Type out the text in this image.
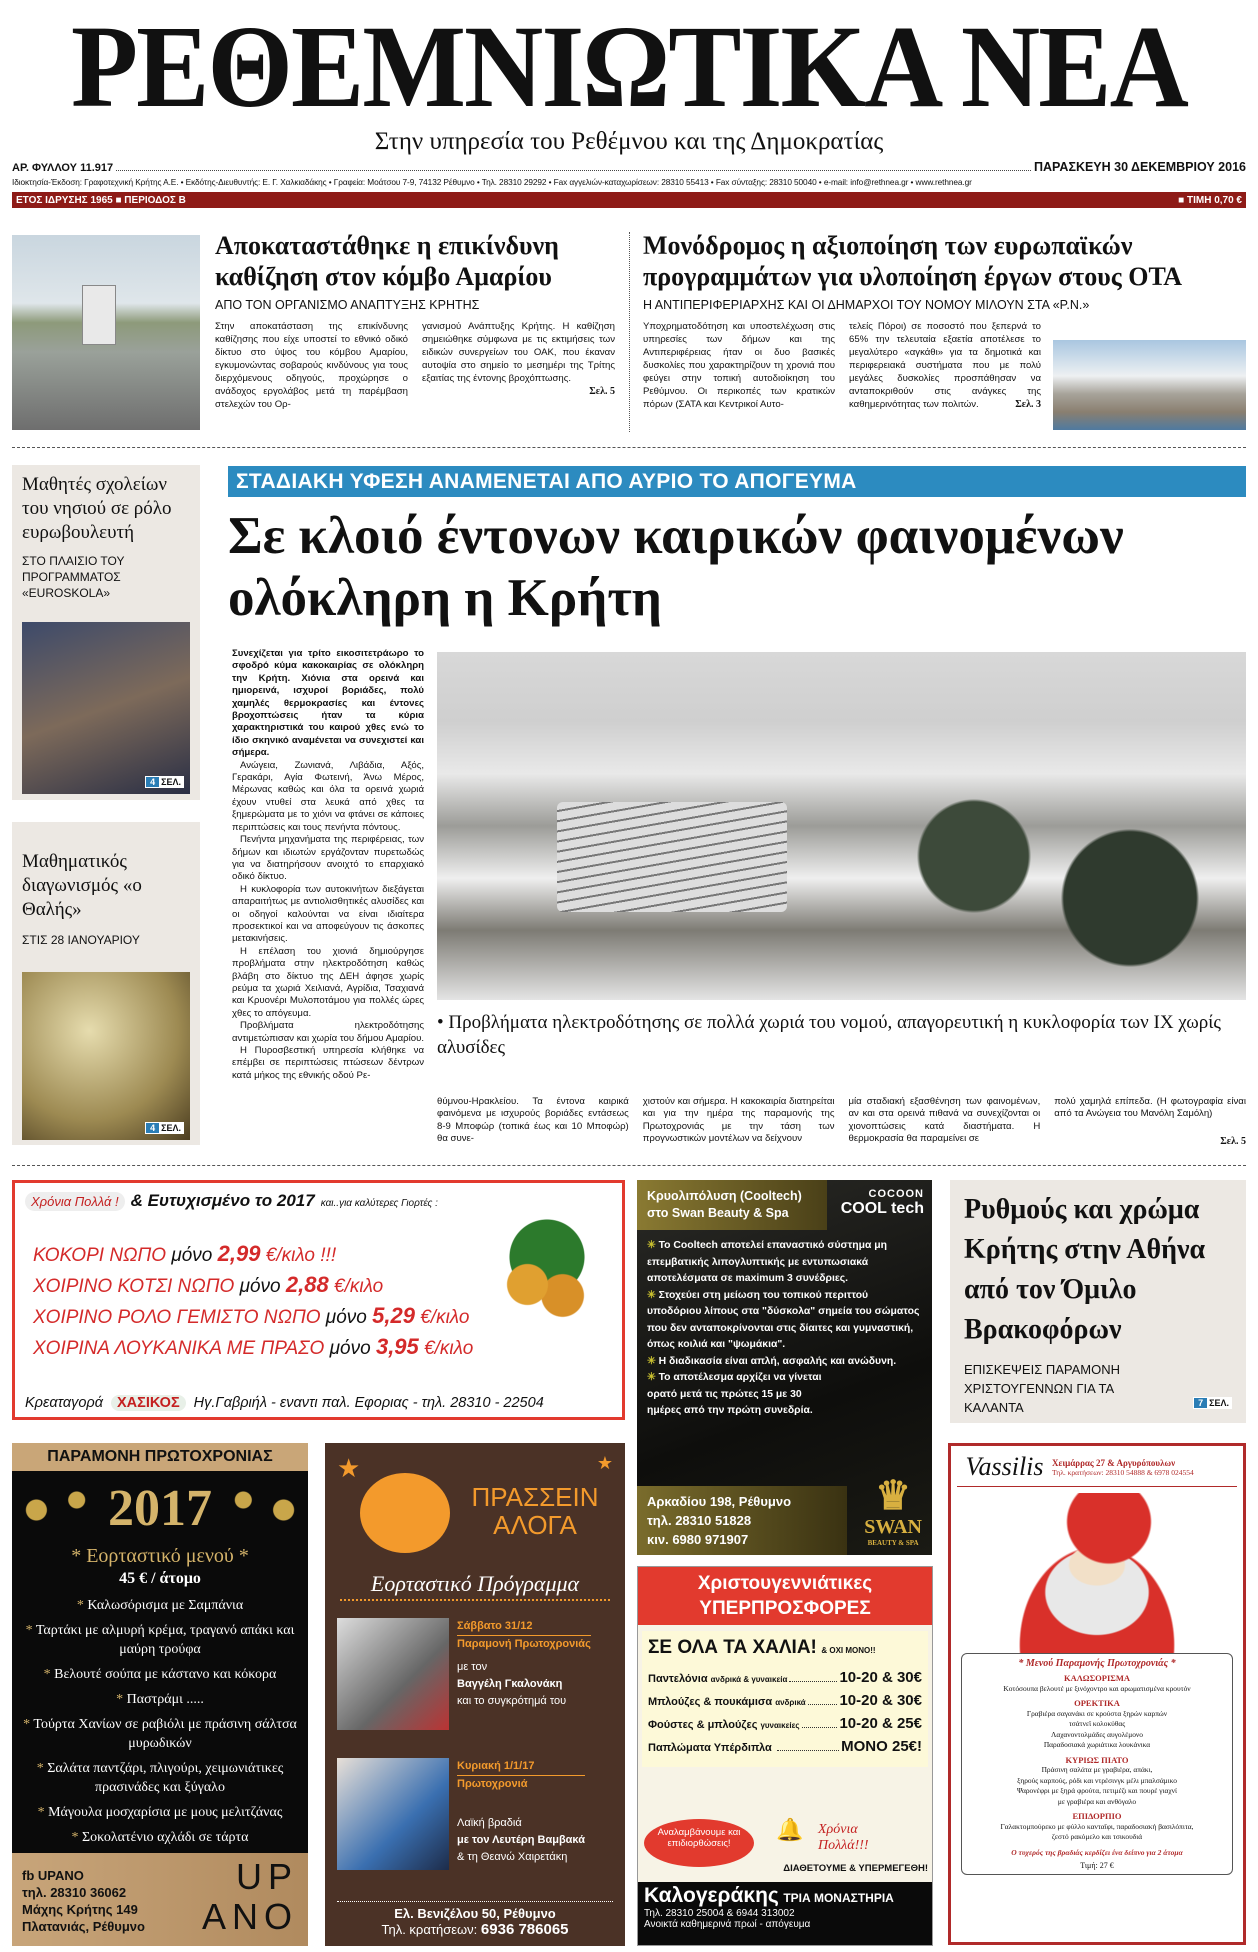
ΡΕΘΕΜΝΙΩΤΙΚΑ ΝΕΑ
Στην υπηρεσία του Ρεθέμνου και της Δημοκρατίας
ΑΡ. ΦΥΛΛΟΥ 11.917	ΠΑΡΑΣΚΕΥΗ 30 ΔΕΚΕΜΒΡΙΟΥ 2016
Ιδιοκτησία-Έκδοση: Γραφοτεχνική Κρήτης Α.Ε. • Εκδότης-Διευθυντής: Ε. Γ. Χαλκιαδάκης • Γραφεία: Μοάτσου 7-9, 74132 Ρέθυμνο • Τηλ. 28310 29292 • Fax αγγελιών-καταχωρίσεων: 28310 55413 • Fax σύνταξης: 28310 50040 • e-mail: info@rethnea.gr • www.rethnea.gr
ΕΤΟΣ ΙΔΡΥΣΗΣ 1965 ■ ΠΕΡΙΟΔΟΣ Β	■ ΤΙΜΗ 0,70 €
Αποκαταστάθηκε η επικίνδυνη καθίζηση στον κόμβο Αμαρίου
ΑΠΟ ΤΟΝ ΟΡΓΑΝΙΣΜΟ ΑΝΑΠΤΥΞΗΣ ΚΡΗΤΗΣ
Στην αποκατάσταση της επικίνδυνης καθίζησης που είχε υποστεί το εθνικό οδικό δίκτυο στο ύψος του κόμβου Αμαρίου, εγκυμονώντας σοβαρούς κινδύνους για τους διερχόμενους οδηγούς, προχώρησε ο ανάδοχος εργολάβος μετά τη παρέμβαση στελεχών του Ορ-
γανισμού Ανάπτυξης Κρήτης. Η καθίζηση σημειώθηκε σύμφωνα με τις εκτιμήσεις των ειδικών συνεργείων του ΟΑΚ, που έκαναν αυτοψία στο σημείο το μεσημέρι της Τρίτης εξαιτίας της έντονης βροχόπτωσης.
Σελ. 5
Μονόδρομος η αξιοποίηση των ευρωπαϊκών προγραμμάτων για υλοποίηση έργων στους ΟΤΑ
Η ΑΝΤΙΠΕΡΙΦΕΡΙΑΡΧΗΣ ΚΑΙ ΟΙ ΔΗΜΑΡΧΟΙ ΤΟΥ ΝΟΜΟΥ ΜΙΛΟΥΝ ΣΤΑ «Ρ.Ν.»
Υποχρηματοδότηση και υποστελέχωση στις υπηρεσίες των δήμων και της Αντιπεριφέρειας ήταν οι δυο βασικές δυσκολίες που χαρακτηρίζουν τη χρονιά που φεύγει στην τοπική αυτοδιοίκηση του Ρεθύμνου. Οι περικοπές των κρατικών πόρων (ΣΑΤΑ και Κεντρικοί Αυτο-
τελείς Πόροι) σε ποσοστό που ξεπερνά το 65% την τελευταία εξαετία αποτέλεσε το μεγαλύτερο «αγκάθι» για τα δημοτικά και περιφερειακά συστήματα που με πολύ μεγάλες δυσκολίες προσπάθησαν να ανταποκριθούν στις ανάγκες της καθημερινότητας των πολιτών.	Σελ. 3
Μαθητές σχολείων του νησιού σε ρόλο ευρωβουλευτή
ΣΤΟ ΠΛΑΙΣΙΟ ΤΟΥ ΠΡΟΓΡΑΜΜΑΤΟΣ «EUROSKOLA»
4 ΣΕΛ.
Μαθηματικός διαγωνισμός «ο Θαλής»
ΣΤΙΣ 28 ΙΑΝΟΥΑΡΙΟΥ
4 ΣΕΛ.
ΣΤΑΔΙΑΚΗ ΥΦΕΣΗ ΑΝΑΜΕΝΕΤΑΙ ΑΠΟ ΑΥΡΙΟ ΤΟ ΑΠΟΓΕΥΜΑ
Σε κλοιό έντονων καιρικών φαινομένων ολόκληρη η Κρήτη

Συνεχίζεται για τρίτο εικοσιτετράωρο το σφοδρό κύμα κακοκαιρίας σε ολόκληρη την Κρήτη. Χιόνια στα ορεινά και ημιορεινά, ισχυροί βοριάδες, πολύ χαμηλές θερμοκρασίες και έντονες βροχοπτώσεις ήταν τα κύρια χαρακτηριστικά του καιρού χθες ενώ το ίδιο σκηνικό αναμένεται να συνεχιστεί και σήμερα.

Ανώγεια, Ζωνιανά, Λιβάδια, Αξός, Γερακάρι, Αγία Φωτεινή, Άνω Μέρος, Μέρωνας καθώς και όλα τα ορεινά χωριά έχουν ντυθεί στα λευκά από χθες τα ξημερώματα με το χιόνι να φτάνει σε κάποιες περιπτώσεις και τους πενήντα πόντους.

Πενήντα μηχανήματα της περιφέρειας, των δήμων και ιδιωτών εργάζονταν πυρετωδώς για να διατηρήσουν ανοιχτό το επαρχιακό οδικό δίκτυο.

Η κυκλοφορία των αυτοκινήτων διεξάγεται απαραιτήτως με αντιολισθητικές αλυσίδες και οι οδηγοί καλούνται να είναι ιδιαίτερα προσεκτικοί και να αποφεύγουν τις άσκοπες μετακινήσεις.

Η επέλαση του χιονιά δημιούργησε προβλήματα στην ηλεκτροδότηση καθώς βλάβη στο δίκτυο της ΔΕΗ άφησε χωρίς ρεύμα τα χωριά Χειλιανά, Αγρίδια, Τσαχιανά και Κρυονέρι Μυλοποτάμου για πολλές ώρες χθες το απόγευμα.

Προβλήματα ηλεκτροδότησης αντιμετώπισαν και χωρία του δήμου Αμαρίου.

Η Πυροσβεστική υπηρεσία κλήθηκε να επέμβει σε περιπτώσεις πτώσεων δέντρων κατά μήκος της εθνικής οδού Ρε-

• Προβλήματα ηλεκτροδότησης σε πολλά χωριά του νομού, απαγορευτική η κυκλοφορία των ΙΧ χωρίς αλυσίδες
θύμνου-Ηρακλείου. Τα έντονα καιρικά φαινόμενα με ισχυρούς βοριάδες εντάσεως 8-9 Μποφώρ (τοπικά έως και 10 Μποφώρ) θα συνε-
χιστούν και σήμερα. Η κακοκαιρία διατηρείται και για την ημέρα της παραμονής της Πρωτοχρονιάς με την τάση των προγνωστικών μοντέλων να δείχνουν
μία σταδιακή εξασθένηση των φαινομένων, αν και στα ορεινά πιθανά να συνεχίζονται οι χιονοπτώσεις κατά διαστήματα. Η θερμοκρασία θα παραμείνει σε
πολύ χαμηλά επίπεδα. (Η φωτογραφία είναι από τα Ανώγεια του Μανόλη Σαμόλη)
Σελ. 5
Χρόνια Πολλά ! & Ευτυχισμένο το 2017 και..για καλύτερες Γιορτές :
ΚΟΚΟΡΙ ΝΩΠΟ μόνο 2,99 €/κιλο !!!
ΧΟΙΡΙΝΟ ΚΟΤΣΙ ΝΩΠΟ μόνο 2,88 €/κιλο
ΧΟΙΡΙΝΟ ΡΟΛΟ ΓΕΜΙΣΤΟ ΝΩΠΟ μόνο 5,29 €/κιλο
ΧΟΙΡΙΝΑ ΛΟΥΚΑΝΙΚΑ ΜΕ ΠΡΑΣΟ μόνο 3,95 €/κιλο
Κρεαταγορά ΧΑΣΙΚΟΣ Ηγ.Γαβριήλ - εναντι παλ. Εφοριας - τηλ. 28310 - 22504
Κρυολιπόλυση (Cooltech)
στο Swan Beauty & Spa
COCOON
COOL tech
✳ Το Cooltech αποτελεί επαναστικό σύστημα μη επεμβατικής λιπογλυπτικής με εντυπωσιακά αποτελέσματα σε maximum 3 συνέδριες.
✳ Στοχεύει στη μείωση του τοπικού περιττού υποδόριου λίπους στα "δύσκολα" σημεία του σώματος που δεν ανταποκρίνονται στις δίαιτες και γυμναστική, όπως κοιλιά και "ψωμάκια".
✳ Η διαδικασία είναι απλή, ασφαλής και ανώδυνη.
✳ Το αποτέλεσμα αρχίζει να γίνεται ορατό μετά τις πρώτες 15 με 30 ημέρες από την πρώτη συνεδρία.
Αρκαδίου 198, Ρέθυμνο
τηλ. 28310 51828
κιν. 6980 971907
♛
SWAN
BEAUTY & SPA
Ρυθμούς και χρώμα Κρήτης στην Αθήνα από τον Όμιλο Βρακοφόρων
ΕΠΙΣΚΕΨΕΙΣ ΠΑΡΑΜΟΝΗ ΧΡΙΣΤΟΥΓΕΝΝΩΝ ΓΙΑ ΤΑ ΚΑΛΑΝΤΑ	7 ΣΕΛ.
ΠΑΡΑΜΟΝΗ ΠΡΩΤΟΧΡΟΝΙΑΣ
2017
* Εορταστικό μενού *
45 € / άτομο
* Καλωσόρισμα με Σαμπάνια
* Ταρτάκι με αλμυρή κρέμα, τραγανό απάκι και μαύρη τρούφα
* Βελουτέ σούπα με κάστανο και κόκορα
* Παστράμι .....
* Τούρτα Χανίων σε ραβιόλι με πράσινη σάλτσα μυρωδικών
* Σαλάτα παντζάρι, πλιγούρι, χειμωνιάτικες πρασινάδες και ξύγαλο
* Μάγουλα μοσχαρίσια με μους μελιτζάνας
* Σοκολατένιο αχλάδι σε τάρτα
fb UPANO
τηλ. 28310 36062
Μάχης Κρήτης 149
Πλατανιάς, Ρέθυμνο
UP
ANO
★	★
ΠΡΑΣΣΕΙΝ
ΑΛΟΓΑ
Εορταστικό Πρόγραμμα
Σάββατο 31/12
Παραμονή Πρωτοχρονιάς
με τον
Βαγγέλη Γκαλονάκη
και το συγκρότημά του
Κυριακή 1/1/17
Πρωτοχρονιά
Λαϊκή βραδιά
με τον Λευτέρη Βαμβακά
& τη Θεανώ Χαιρετάκη
Ελ. Βενιζέλου 50, Ρέθυμνο
Τηλ. κρατήσεων: 6936 786065
Χριστουγεννιάτικες
ΥΠΕΡΠΡΟΣΦΟΡΕΣ
ΣΕ ΟΛΑ ΤΑ ΧΑΛΙΑ! & ΟΧΙ ΜΟΝΟ!!
Παντελόνια ανδρικά & γυναικεία	10-20 & 30€
Μπλούζες & πουκάμισα ανδρικά 10-20 & 30€
Φούστες & μπλούζες γυναικείες	10-20 & 25€
Παπλώματα Υπέρδιπλα	ΜΟΝΟ 25€!
Αναλαμβάνουμε και επιδιορθώσεις!
🔔 Χρόνια Πολλά!!!
ΔΙΑΘΕΤΟΥΜΕ & ΥΠΕΡΜΕΓΕΘΗ!
Καλογεράκης ΤΡΙΑ ΜΟΝΑΣΤΗΡΙΑ
Τηλ. 28310 25004 & 6944 313002
Ανοικτά καθημερινά πρωί - απόγευμα
Vassilis Χειμάρρας 27 & Αργυρόπουλων
Τηλ. κρατήσεων: 28310 54888 & 6978 024554
* Μενού Παραμονής Πρωτοχρονιάς *
ΚΑΛΩΣΟΡΙΣΜΑ
Κοτόσουπα βελουτέ με ξινόχοντρο και αρωματισμένα κρουτόν
ΟΡΕΚΤΙΚΑ
Γραβιέρα σαγανάκι σε κρούστα ξηρών καρπών
τσάτνεϊ κολοκύθας
Λαχανοντολμάδες αυγολέμονο
Παραδοσιακά χωριάτικα λουκάνικα
ΚΥΡΙΩΣ ΠΙΑΤΟ
Πράσινη σαλάτα με γραβιέρα, απάκι,
ξηρούς καρπούς, ρόδι και ντρέσινγκ μέλι μπαλσάμικο
Ψαρονέφρι με ξηρά φρούτα, πετιμέζι και πουρέ γιαχνί
με γραβιέρα και ανθόγαλο
ΕΠΙΔΟΡΠΙΟ
Γαλακτομπούρεκο με φύλλο κανταΐφι, παραδοσιακή βασιλόπιτα,
ζεστό ρακόμελο και τσικουδιά
Ο τυχερός της βραδιάς κερδίζει ένα δείπνο για 2 άτομα
Τιμή: 27 €
